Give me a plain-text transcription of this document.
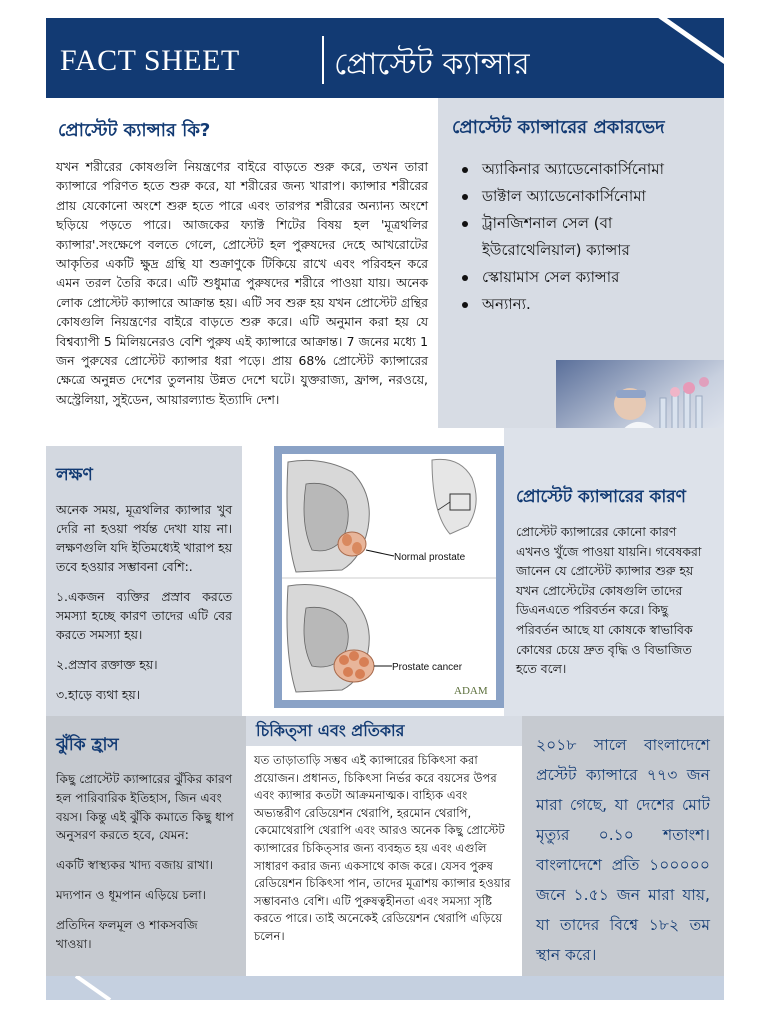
FACT SHEET	প্রোস্টেট ক্যান্সার
প্রোস্টেট ক্যান্সার কি?
যখন শরীরের কোষগুলি নিয়ন্ত্রণের বাইরে বাড়তে শুরু করে, তখন তারা ক্যান্সারে পরিণত হতে শুরু করে, যা শরীরের জন্য খারাপ। ক্যান্সার শরীরের প্রায় যেকোনো অংশে শুরু হতে পারে এবং তারপর শরীরের অন্যান্য অংশে ছড়িয়ে পড়তে পারে। আজকের ফ্যাক্ট শিটের বিষয় হল 'মূত্রথলির ক্যান্সার'.সংক্ষেপে বলতে গেলে, প্রোস্টেট হল পুরুষদের দেহে আখরোটের আকৃতির একটি ক্ষুদ্র গ্রন্থি যা শুক্রাণুকে টিকিয়ে রাখে এবং পরিবহন করে এমন তরল তৈরি করে। এটি শুধুমাত্র পুরুষদের শরীরে পাওয়া যায়। অনেক লোক প্রোস্টেট ক্যান্সারে আক্রান্ত হয়। এটি সব শুরু হয় যখন প্রোস্টেট গ্রন্থির কোষগুলি নিয়ন্ত্রণের বাইরে বাড়তে শুরু করে। এটি অনুমান করা হয় যে বিশ্বব্যাপী 5 মিলিয়নেরও বেশি পুরুষ এই ক্যান্সারে আক্রান্ত। 7 জনের মধ্যে 1 জন পুরুষের প্রোস্টেট ক্যান্সার ধরা পড়ে। প্রায় 68% প্রোস্টেট ক্যান্সারের ক্ষেত্রে অনুন্নত দেশের তুলনায় উন্নত দেশে ঘটে। যুক্তরাজ্য, ফ্রান্স, নরওয়ে, অস্ট্রেলিয়া, সুইডেন, আয়ারল্যান্ড ইত্যাদি দেশ।
প্রোস্টেট ক্যান্সারের প্রকারভেদ
অ্যাকিনার অ্যাডেনোকার্সিনোমা
ডাক্টাল অ্যাডেনোকার্সিনোমা
ট্রানজিশনাল সেল (বা ইউরোথেলিয়াল) ক্যান্সার
স্কোয়ামাস সেল ক্যান্সার
অন্যান্য.
লক্ষণ

অনেক সময়, মূত্রথলির ক্যান্সার খুব দেরি না হওয়া পর্যন্ত দেখা যায় না। লক্ষণগুলি যদি ইতিমধ্যেই খারাপ হয় তবে হওয়ার সম্ভাবনা বেশি:.

১.একজন ব্যক্তির প্রস্রাব করতে সমস্যা হচ্ছে কারণ তাদের এটি বের করতে সমস্যা হয়।

২.প্রস্রাব রক্তাক্ত হয়।

৩.হাড়ে ব্যথা হয়।

Normal prostate
Prostate cancer
ADAM
প্রোস্টেট ক্যান্সারের কারণ
প্রোস্টেট ক্যান্সারের কোনো কারণ এখনও খুঁজে পাওয়া যায়নি। গবেষকরা জানেন যে প্রোস্টেট ক্যান্সার শুরু হয় যখন প্রোস্টেটের কোষগুলি তাদের ডিএনএতে পরিবর্তন করে। কিছু পরিবর্তন আছে যা কোষকে স্বাভাবিক কোষের চেয়ে দ্রুত বৃদ্ধি ও বিভাজিত হতে বলে।
ঝুঁকি হ্রাস

কিছু প্রোস্টেট ক্যান্সারের ঝুঁকির কারণ হল পারিবারিক ইতিহাস, জিন এবং বয়স। কিন্তু এই ঝুঁকি কমাতে কিছু ধাপ অনুসরণ করতে হবে, যেমন:

একটি স্বাস্থ্যকর খাদ্য বজায় রাখা।

মদ্যপান ও ধূমপান এড়িয়ে চলা।

প্রতিদিন ফলমূল ও শাকসবজি খাওয়া।

চিকিত্সা এবং প্রতিকার
যত তাড়াতাড়ি সম্ভব এই ক্যান্সারের চিকিৎসা করা প্রয়োজন। প্রধানত, চিকিৎসা নির্ভর করে বয়সের উপর এবং ক্যান্সার কতটা আক্রমনাত্মক। বাহ্যিক এবং অভ্যন্তরীণ রেডিয়েশন থেরাপি, হরমোন থেরাপি, কেমোথেরাপি থেরাপি এবং আরও অনেক কিছু প্রোস্টেট ক্যান্সারের চিকিত্সার জন্য ব্যবহৃত হয় এবং এগুলি সাধারণ করার জন্য একসাথে কাজ করে। যেসব পুরুষ রেডিয়েশন চিকিৎসা পান, তাদের মূত্রাশয় ক্যান্সার হওয়ার সম্ভাবনাও বেশি। এটি পুরুষত্বহীনতা এবং সমস্যা সৃষ্টি করতে পারে। তাই অনেকেই রেডিয়েশন থেরাপি এড়িয়ে চলেন।
২০১৮ সালে বাংলাদেশে প্রস্টেট ক্যান্সারে ৭৭৩ জন মারা গেছে, যা দেশের মোট মৃত্যুর ০.১০ শতাংশ। বাংলাদেশে প্রতি ১০০০০০ জনে ১.৫১ জন মারা যায়, যা তাদের বিশ্বে ১৮২ তম স্থান করে।
